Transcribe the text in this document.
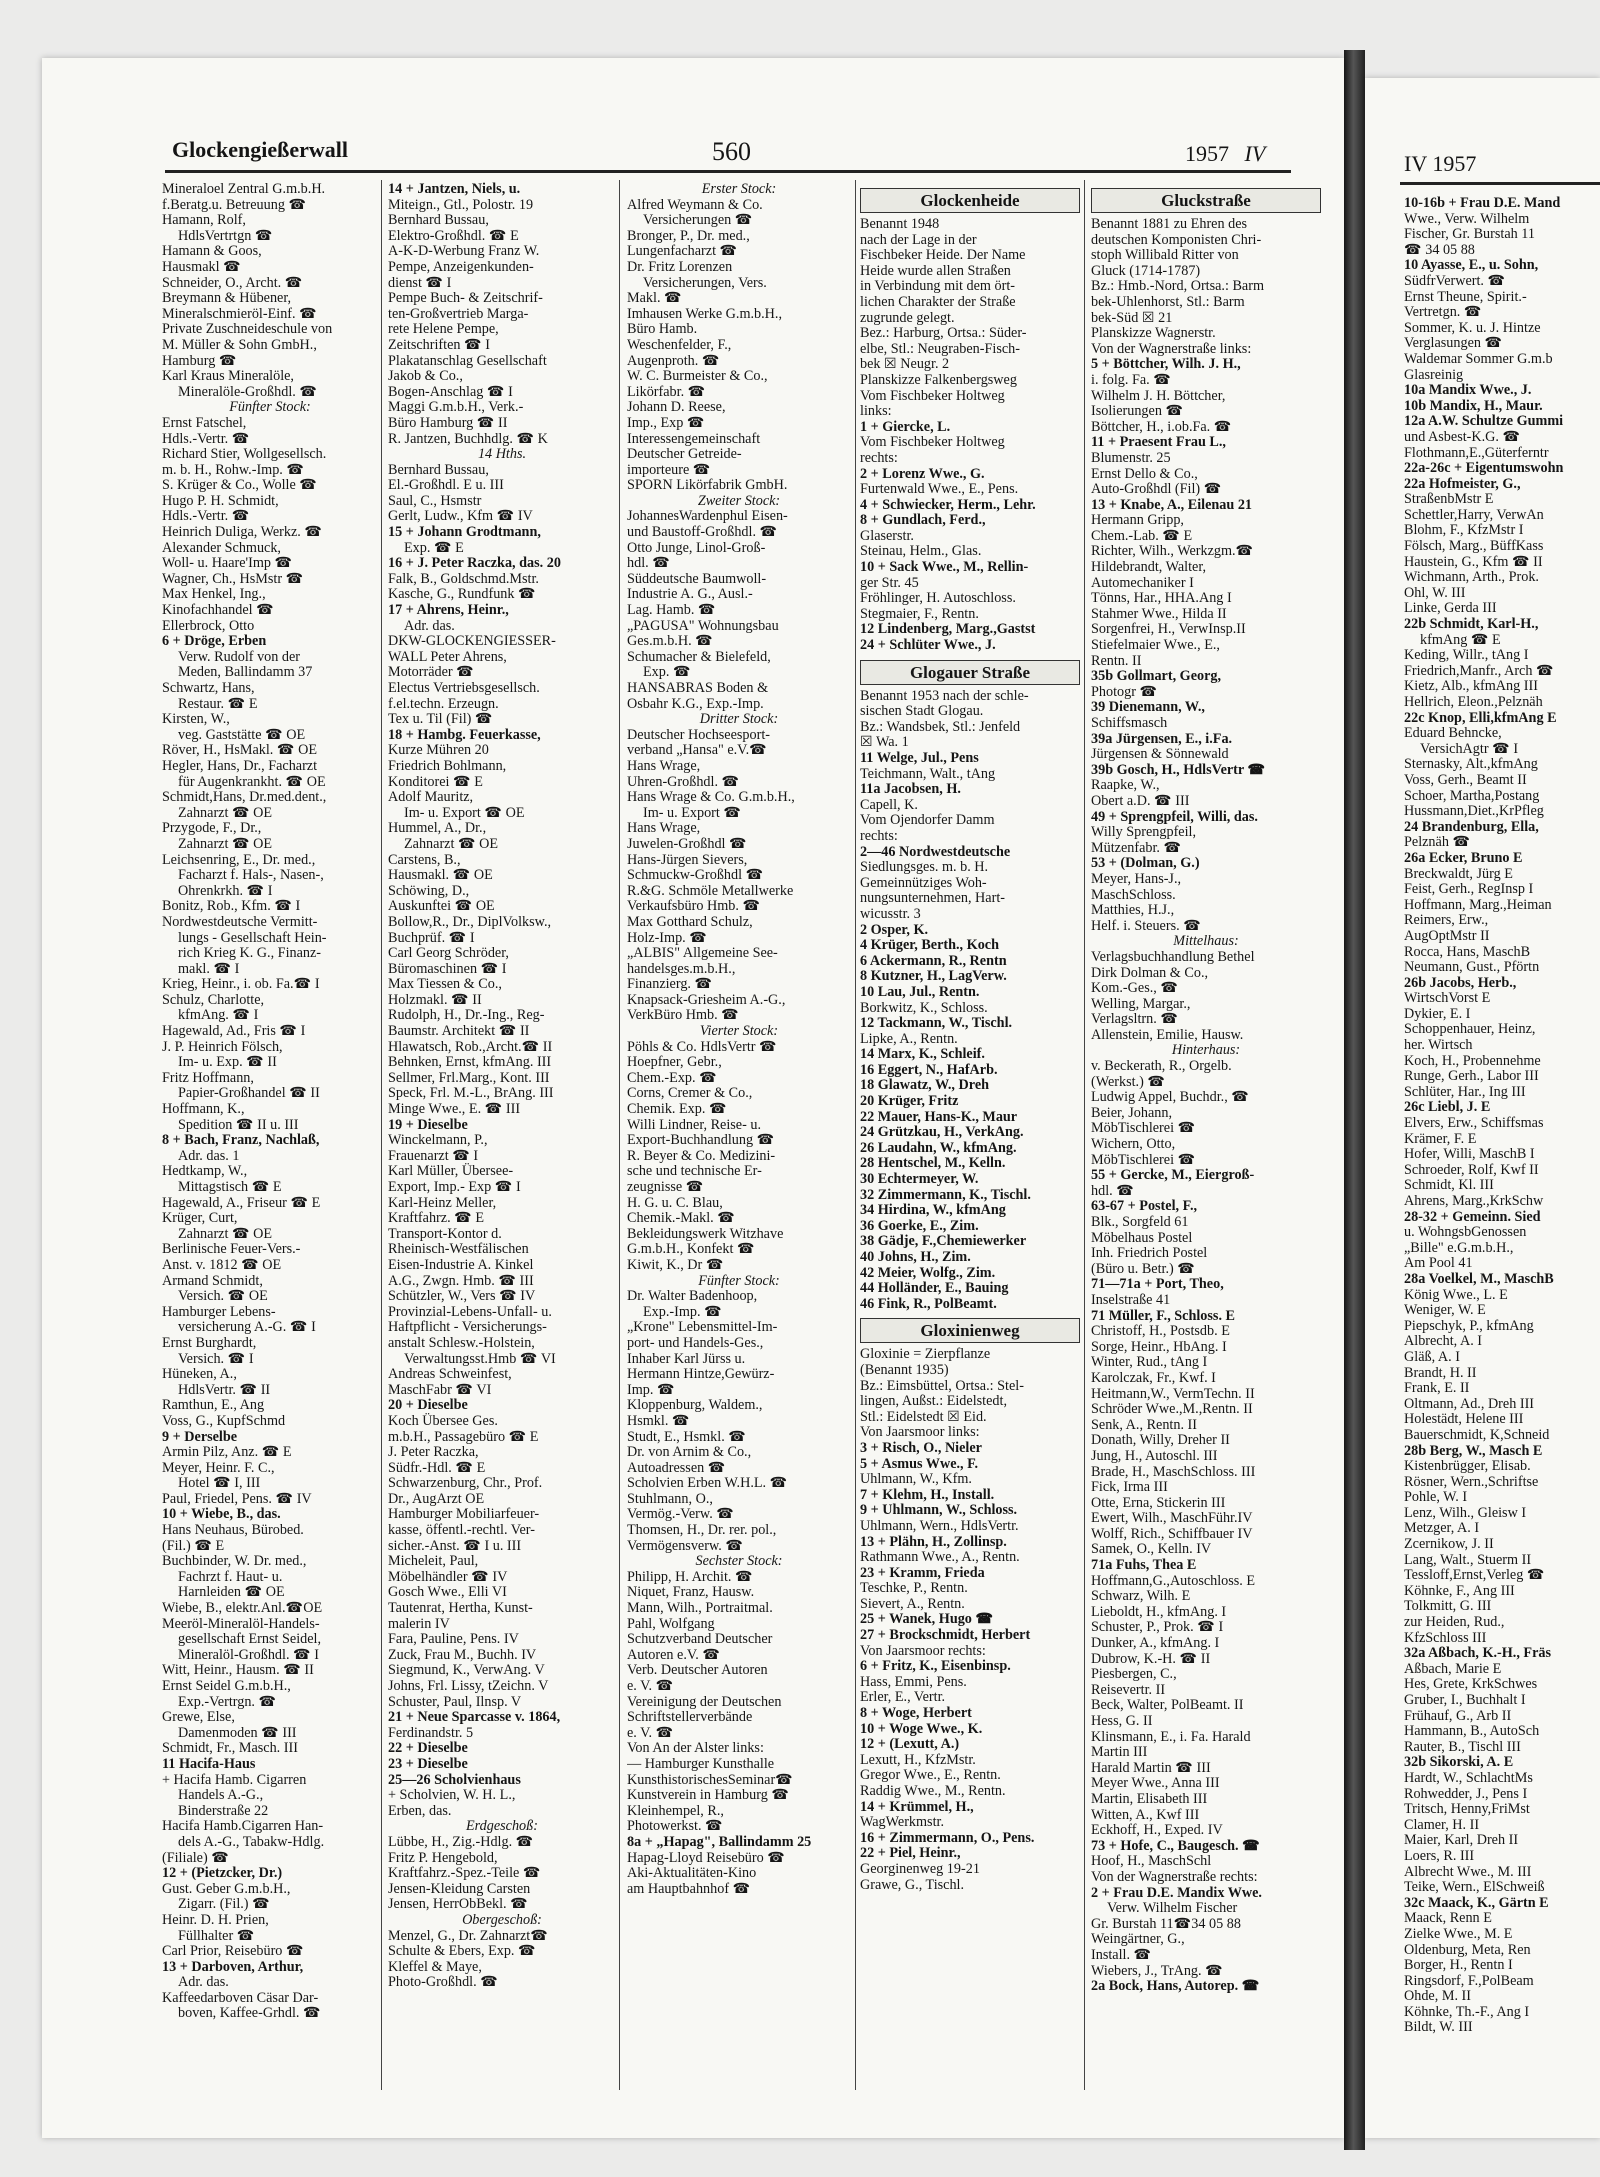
Glockengießerwall	560	1957 IV	IV 1957
Mineraloel Zentral G.m.b.H.
f.Beratg.u. Betreuung ☎
Hamann, Rolf,
HdlsVertrtgn ☎
Hamann & Goos,
Hausmakl ☎
Schneider, O., Archt. ☎
Breymann & Hübener,
Mineralschmieröl-Einf. ☎
Private Zuschneideschule von
M. Müller & Sohn GmbH.,
Hamburg ☎
Karl Kraus Mineralöle,
Mineralöle-Großhdl. ☎
Fünfter Stock:
Ernst Fatschel,
Hdls.-Vertr. ☎
Richard Stier, Wollgesellsch.
m. b. H., Rohw.-Imp. ☎
S. Krüger & Co., Wolle ☎
Hugo P. H. Schmidt,
Hdls.-Vertr. ☎
Heinrich Duliga, Werkz. ☎
Alexander Schmuck,
Woll- u. Haare'Imp ☎
Wagner, Ch., HsMstr ☎
Max Henkel, Ing.,
Kinofachhandel ☎
Ellerbrock, Otto
6 + Dröge, Erben
Verw. Rudolf von der
Meden, Ballindamm 37
Schwartz, Hans,
Restaur. ☎ E
Kirsten, W.,
veg. Gaststätte ☎ OE
Röver, H., HsMakl. ☎ OE
Hegler, Hans, Dr., Facharzt
für Augenkrankht. ☎ OE
Schmidt,Hans, Dr.med.dent.,
Zahnarzt ☎ OE
Przygode, F., Dr.,
Zahnarzt ☎ OE
Leichsenring, E., Dr. med.,
Facharzt f. Hals-, Nasen-,
Ohrenkrkh. ☎ I
Bonitz, Rob., Kfm. ☎ I
Nordwestdeutsche Vermitt-
lungs - Gesellschaft Hein-
rich Krieg K. G., Finanz-
makl. ☎ I
Krieg, Heinr., i. ob. Fa.☎ I
Schulz, Charlotte,
kfmAng. ☎ I
Hagewald, Ad., Fris ☎ I
J. P. Heinrich Fölsch,
Im- u. Exp. ☎ II
Fritz Hoffmann,
Papier-Großhandel ☎ II
Hoffmann, K.,
Spedition ☎ II u. III
8 + Bach, Franz, Nachlaß,
Adr. das. 1
Hedtkamp, W.,
Mittagstisch ☎ E
Hagewald, A., Friseur ☎ E
Krüger, Curt,
Zahnarzt ☎ OE
Berlinische Feuer-Vers.-
Anst. v. 1812 ☎ OE
Armand Schmidt,
Versich. ☎ OE
Hamburger Lebens-
versicherung A.-G. ☎ I
Ernst Burghardt,
Versich. ☎ I
Hüneken, A.,
HdlsVertr. ☎ II
Ramthun, E., Ang
Voss, G., KupfSchmd
9 + Derselbe
Armin Pilz, Anz. ☎ E
Meyer, Heinr. F. C.,
Hotel ☎ I, III
Paul, Friedel, Pens. ☎ IV
10 + Wiebe, B., das.
Hans Neuhaus, Bürobed.
(Fil.) ☎ E
Buchbinder, W. Dr. med.,
Fachrzt f. Haut- u.
Harnleiden ☎ OE
Wiebe, B., elektr.Anl.☎OE
Meeröl-Mineralöl-Handels-
gesellschaft Ernst Seidel,
Mineralöl-Großhdl. ☎ I
Witt, Heinr., Hausm. ☎ II
Ernst Seidel G.m.b.H.,
Exp.-Vertrgn. ☎
Grewe, Else,
Damenmoden ☎ III
Schmidt, Fr., Masch. III
11 Hacifa-Haus
+ Hacifa Hamb. Cigarren
Handels A.-G.,
Binderstraße 22
Hacifa Hamb.Cigarren Han-
dels A.-G., Tabakw-Hdlg.
(Filiale) ☎
12 + (Pietzcker, Dr.)
Gust. Geber G.m.b.H.,
Zigarr. (Fil.) ☎
Heinr. D. H. Prien,
Füllhalter ☎
Carl Prior, Reisebüro ☎
13 + Darboven, Arthur,
Adr. das.
Kaffeedarboven Cäsar Dar-
boven, Kaffee-Grhdl. ☎
14 + Jantzen, Niels, u.
Miteign., Gtl., Polostr. 19
Bernhard Bussau,
Elektro-Großhdl. ☎ E
A-K-D-Werbung Franz W.
Pempe, Anzeigenkunden-
dienst ☎ I
Pempe Buch- & Zeitschrif-
ten-Großvertrieb Marga-
rete Helene Pempe,
Zeitschriften ☎ I
Plakatanschlag Gesellschaft
Jakob & Co.,
Bogen-Anschlag ☎ I
Maggi G.m.b.H., Verk.-
Büro Hamburg ☎ II
R. Jantzen, Buchhdlg. ☎ K
14 Hths.
Bernhard Bussau,
El.-Großhdl. E u. III
Saul, C., Hsmstr
Gerlt, Ludw., Kfm ☎ IV
15 + Johann Grodtmann,
Exp. ☎ E
16 + J. Peter Raczka, das. 20
Falk, B., Goldschmd.Mstr.
Kasche, G., Rundfunk ☎
17 + Ahrens, Heinr.,
Adr. das.
DKW-GLOCKENGIESSER-
WALL Peter Ahrens,
Motorräder ☎
Electus Vertriebsgesellsch.
f.el.techn. Erzeugn.
Tex u. Til (Fil) ☎
18 + Hambg. Feuerkasse,
Kurze Mühren 20
Friedrich Bohlmann,
Konditorei ☎ E
Adolf Mauritz,
Im- u. Export ☎ OE
Hummel, A., Dr.,
Zahnarzt ☎ OE
Carstens, B.,
Hausmakl. ☎ OE
Schöwing, D.,
Auskunftei ☎ OE
Bollow,R., Dr., DiplVolksw.,
Buchprüf. ☎ I
Carl Georg Schröder,
Büromaschinen ☎ I
Max Tiessen & Co.,
Holzmakl. ☎ II
Rudolph, H., Dr.-Ing., Reg-
Baumstr. Architekt ☎ II
Hlawatsch, Rob.,Archt.☎ II
Behnken, Ernst, kfmAng. III
Sellmer, Frl.Marg., Kont. III
Speck, Frl. M.-L., BrAng. III
Minge Wwe., E. ☎ III
19 + Dieselbe
Winckelmann, P.,
Frauenarzt ☎ I
Karl Müller, Übersee-
Export, Imp.- Exp ☎ I
Karl-Heinz Meller,
Kraftfahrz. ☎ E
Transport-Kontor d.
Rheinisch-Westfälischen
Eisen-Industrie A. Kinkel
A.G., Zwgn. Hmb. ☎ III
Schützler, W., Vers ☎ IV
Provinzial-Lebens-Unfall- u.
Haftpflicht - Versicherungs-
anstalt Schlesw.-Holstein,
Verwaltungsst.Hmb ☎ VI
Andreas Schweinfest,
MaschFabr ☎ VI
20 + Dieselbe
Koch Übersee Ges.
m.b.H., Passagebüro ☎ E
J. Peter Raczka,
Südfr.-Hdl. ☎ E
Schwarzenburg, Chr., Prof.
Dr., AugArzt OE
Hamburger Mobiliarfeuer-
kasse, öffentl.-rechtl. Ver-
sicher.-Anst. ☎ I u. III
Micheleit, Paul,
Möbelhändler ☎ IV
Gosch Wwe., Elli VI
Tautenrat, Hertha, Kunst-
malerin IV
Fara, Pauline, Pens. IV
Zuck, Frau M., Buchh. IV
Siegmund, K., VerwAng. V
Johns, Frl. Lissy, tZeichn. V
Schuster, Paul, Ilnsp. V
21 + Neue Sparcasse v. 1864,
Ferdinandstr. 5
22 + Dieselbe
23 + Dieselbe
25—26 Scholvienhaus
+ Scholvien, W. H. L.,
Erben, das.
Erdgeschoß:
Lübbe, H., Zig.-Hdlg. ☎
Fritz P. Hengebold,
Kraftfahrz.-Spez.-Teile ☎
Jensen-Kleidung Carsten
Jensen, HerrObBekl. ☎
Obergeschoß:
Menzel, G., Dr. Zahnarzt☎
Schulte & Ebers, Exp. ☎
Kleffel & Maye,
Photo-Großhdl. ☎
Erster Stock:
Alfred Weymann & Co.
Versicherungen ☎
Bronger, P., Dr. med.,
Lungenfacharzt ☎
Dr. Fritz Lorenzen
Versicherungen, Vers.
Makl. ☎
Imhausen Werke G.m.b.H.,
Büro Hamb.
Weschenfelder, F.,
Augenproth. ☎
W. C. Burmeister & Co.,
Likörfabr. ☎
Johann D. Reese,
Imp., Exp ☎
Interessengemeinschaft
Deutscher Getreide-
importeure ☎
SPORN Likörfabrik GmbH.
Zweiter Stock:
JohannesWardenphul Eisen-
und Baustoff-Großhdl. ☎
Otto Junge, Linol-Groß-
hdl. ☎
Süddeutsche Baumwoll-
Industrie A. G., Ausl.-
Lag. Hamb. ☎
„PAGUSA" Wohnungsbau
Ges.m.b.H. ☎
Schumacher & Bielefeld,
Exp. ☎
HANSABRAS Boden &
Osbahr K.G., Exp.-Imp.
Dritter Stock:
Deutscher Hochseesport-
verband „Hansa" e.V.☎
Hans Wrage,
Uhren-Großhdl. ☎
Hans Wrage & Co. G.m.b.H.,
Im- u. Export ☎
Hans Wrage,
Juwelen-Großhdl ☎
Hans-Jürgen Sievers,
Schmuckw-Großhdl ☎
R.&G. Schmöle Metallwerke
Verkaufsbüro Hmb. ☎
Max Gotthard Schulz,
Holz-Imp. ☎
„ALBIS" Allgemeine See-
handelsges.m.b.H.,
Finanzierg. ☎
Knapsack-Griesheim A.-G.,
VerkBüro Hmb. ☎
Vierter Stock:
Pöhls & Co. HdlsVertr ☎
Hoepfner, Gebr.,
Chem.-Exp. ☎
Corns, Cremer & Co.,
Chemik. Exp. ☎
Willi Lindner, Reise- u.
Export-Buchhandlung ☎
R. Beyer & Co. Medizini-
sche und technische Er-
zeugnisse ☎
H. G. u. C. Blau,
Chemik.-Makl. ☎
Bekleidungswerk Witzhave
G.m.b.H., Konfekt ☎
Kiwit, K., Dr ☎
Fünfter Stock:
Dr. Walter Badenhoop,
Exp.-Imp. ☎
„Krone" Lebensmittel-Im-
port- und Handels-Ges.,
Inhaber Karl Jürss u.
Hermann Hintze,Gewürz-
Imp. ☎
Kloppenburg, Waldem.,
Hsmkl. ☎
Studt, E., Hsmkl. ☎
Dr. von Arnim & Co.,
Autoadressen ☎
Scholvien Erben W.H.L. ☎
Stuhlmann, O.,
Vermög.-Verw. ☎
Thomsen, H., Dr. rer. pol.,
Vermögensverw. ☎
Sechster Stock:
Philipp, H. Archit. ☎
Niquet, Franz, Hausw.
Mann, Wilh., Portraitmal.
Pahl, Wolfgang
Schutzverband Deutscher
Autoren e.V. ☎
Verb. Deutscher Autoren
e. V. ☎
Vereinigung der Deutschen
Schriftstellerverbände
e. V. ☎
Von An der Alster links:
— Hamburger Kunsthalle
KunsthistorischesSeminar☎
Kunstverein in Hamburg ☎
Kleinhempel, R.,
Photowerkst. ☎
8a + „Hapag", Ballindamm 25
Hapag-Lloyd Reisebüro ☎
Aki-Aktualitäten-Kino
am Hauptbahnhof ☎
Glockenheide
Benannt 1948
nach der Lage in der
Fischbeker Heide. Der Name
Heide wurde allen Straßen
in Verbindung mit dem ört-
lichen Charakter der Straße
zugrunde gelegt.
Bez.: Harburg, Ortsa.: Süder-
elbe, Stl.: Neugraben-Fisch-
bek ☒ Neugr. 2
Planskizze Falkenbergsweg
Vom Fischbeker Holtweg
links:
1 + Giercke, L.
Vom Fischbeker Holtweg
rechts:
2 + Lorenz Wwe., G.
Furtenwald Wwe., E., Pens.
4 + Schwiecker, Herm., Lehr.
8 + Gundlach, Ferd.,
Glaserstr.
Steinau, Helm., Glas.
10 + Sack Wwe., M., Rellin-
ger Str. 45
Fröhlinger, H. Autoschloss.
Stegmaier, F., Rentn.
12 Lindenberg, Marg.,Gastst
24 + Schlüter Wwe., J.
Glogauer Straße
Benannt 1953 nach der schle-
sischen Stadt Glogau.
Bz.: Wandsbek, Stl.: Jenfeld
☒ Wa. 1
11 Welge, Jul., Pens
Teichmann, Walt., tAng
11a Jacobsen, H.
Capell, K.
Vom Ojendorfer Damm
rechts:
2—46 Nordwestdeutsche
Siedlungsges. m. b. H.
Gemeinnütziges Woh-
nungsunternehmen, Hart-
wicusstr. 3
2 Osper, K.
4 Krüger, Berth., Koch
6 Ackermann, R., Rentn
8 Kutzner, H., LagVerw.
10 Lau, Jul., Rentn.
Borkwitz, K., Schloss.
12 Tackmann, W., Tischl.
Lipke, A., Rentn.
14 Marx, K., Schleif.
16 Eggert, N., HafArb.
18 Glawatz, W., Dreh
20 Krüger, Fritz
22 Mauer, Hans-K., Maur
24 Grützkau, H., VerkAng.
26 Laudahn, W., kfmAng.
28 Hentschel, M., Kelln.
30 Echtermeyer, W.
32 Zimmermann, K., Tischl.
34 Hirdina, W., kfmAng
36 Goerke, E., Zim.
38 Gädje, F.,Chemiewerker
40 Johns, H., Zim.
42 Meier, Wolfg., Zim.
44 Holländer, E., Bauing
46 Fink, R., PolBeamt.
Gloxinienweg
Gloxinie = Zierpflanze
(Benannt 1935)
Bz.: Eimsbüttel, Ortsa.: Stel-
lingen, Außst.: Eidelstedt,
Stl.: Eidelstedt ☒ Eid.
Von Jaarsmoor links:
3 + Risch, O., Nieler
5 + Asmus Wwe., F.
Uhlmann, W., Kfm.
7 + Klehm, H., Install.
9 + Uhlmann, W., Schloss.
Uhlmann, Wern., HdlsVertr.
13 + Plähn, H., Zollinsp.
Rathmann Wwe., A., Rentn.
23 + Kramm, Frieda
Teschke, P., Rentn.
Sievert, A., Rentn.
25 + Wanek, Hugo ☎
27 + Brockschmidt, Herbert
Von Jaarsmoor rechts:
6 + Fritz, K., Eisenbinsp.
Hass, Emmi, Pens.
Erler, E., Vertr.
8 + Woge, Herbert
10 + Woge Wwe., K.
12 + (Lexutt, A.)
Lexutt, H., KfzMstr.
Gregor Wwe., E., Rentn.
Raddig Wwe., M., Rentn.
14 + Krümmel, H.,
WagWerkmstr.
16 + Zimmermann, O., Pens.
22 + Piel, Heinr.,
Georginenweg 19-21
Grawe, G., Tischl.
Gluckstraße
Benannt 1881 zu Ehren des
deutschen Komponisten Chri-
stoph Willibald Ritter von
Gluck (1714-1787)
Bz.: Hmb.-Nord, Ortsa.: Barm
bek-Uhlenhorst, Stl.: Barm
bek-Süd ☒ 21
Planskizze Wagnerstr.
Von der Wagnerstraße links:
5 + Böttcher, Wilh. J. H.,
i. folg. Fa. ☎
Wilhelm J. H. Böttcher,
Isolierungen ☎
Böttcher, H., i.ob.Fa. ☎
11 + Praesent Frau L.,
Blumenstr. 25
Ernst Dello & Co.,
Auto-Großhdl (Fil) ☎
13 + Knabe, A., Eilenau 21
Hermann Gripp,
Chem.-Lab. ☎ E
Richter, Wilh., Werkzgm.☎
Hildebrandt, Walter,
Automechaniker I
Tönns, Har., HHA.Ang I
Stahmer Wwe., Hilda II
Sorgenfrei, H., VerwInsp.II
Stiefelmaier Wwe., E.,
Rentn. II
35b Gollmart, Georg,
Photogr ☎
39 Dienemann, W.,
Schiffsmasch
39a Jürgensen, E., i.Fa.
Jürgensen & Sönnewald
39b Gosch, H., HdlsVertr ☎
Raapke, W.,
Obert a.D. ☎ III
49 + Sprengpfeil, Willi, das.
Willy Sprengpfeil,
Mützenfabr. ☎
53 + (Dolman, G.)
Meyer, Hans-J.,
MaschSchloss.
Matthies, H.J.,
Helf. i. Steuers. ☎
Mittelhaus:
Verlagsbuchhandlung Bethel
Dirk Dolman & Co.,
Kom.-Ges., ☎
Welling, Margar.,
Verlagsltrn. ☎
Allenstein, Emilie, Hausw.
Hinterhaus:
v. Beckerath, R., Orgelb.
(Werkst.) ☎
Ludwig Appel, Buchdr., ☎
Beier, Johann,
MöbTischlerei ☎
Wichern, Otto,
MöbTischlerei ☎
55 + Gercke, M., Eiergroß-
hdl. ☎
63-67 + Postel, F.,
Blk., Sorgfeld 61
Möbelhaus Postel
Inh. Friedrich Postel
(Büro u. Betr.) ☎
71—71a + Port, Theo,
Inselstraße 41
71 Müller, F., Schloss. E
Christoff, H., Postsdb. E
Sorge, Heinr., HbAng. I
Winter, Rud., tAng I
Karolczak, Fr., Kwf. I
Heitmann,W., VermTechn. II
Schröder Wwe.,M.,Rentn. II
Senk, A., Rentn. II
Donath, Willy, Dreher II
Jung, H., Autoschl. III
Brade, H., MaschSchloss. III
Fick, Irma III
Otte, Erna, Stickerin III
Ewert, Wilh., MaschFühr.IV
Wolff, Rich., Schiffbauer IV
Samek, O., Kelln. IV
71a Fuhs, Thea E
Hoffmann,G.,Autoschloss. E
Schwarz, Wilh. E
Lieboldt, H., kfmAng. I
Schuster, P., Prok. ☎ I
Dunker, A., kfmAng. I
Dubrow, K.-H. ☎ II
Piesbergen, C.,
Reisevertr. II
Beck, Walter, PolBeamt. II
Hess, G. II
Klinsmann, E., i. Fa. Harald
Martin III
Harald Martin ☎ III
Meyer Wwe., Anna III
Martin, Elisabeth III
Witten, A., Kwf III
Eckhoff, H., Exped. IV
73 + Hofe, C., Baugesch. ☎
Hoof, H., MaschSchl
Von der Wagnerstraße rechts:
2 + Frau D.E. Mandix Wwe.
Verw. Wilhelm Fischer
Gr. Burstah 11☎34 05 88
Weingärtner, G.,
Install. ☎
Wiebers, J., TrAng. ☎
2a Bock, Hans, Autorep. ☎
10-16b + Frau D.E. Mand
Wwe., Verw. Wilhelm
Fischer, Gr. Burstah 11
☎ 34 05 88
10 Ayasse, E., u. Sohn,
SüdfrVerwert. ☎
Ernst Theune, Spirit.-
Vertretgn. ☎
Sommer, K. u. J. Hintze
Verglasungen ☎
Waldemar Sommer G.m.b
Glasreinig
10a Mandix Wwe., J.
10b Mandix, H., Maur.
12a A.W. Schultze Gummi
und Asbest-K.G. ☎
Flothmann,E.,Güterferntr
22a-26c + Eigentumswohn
22a Hofmeister, G.,
StraßenbMstr E
Schettler,Harry, VerwAn
Blohm, F., KfzMstr I
Fölsch, Marg., BüffKass
Haustein, G., Kfm ☎ II
Wichmann, Arth., Prok.
Ohl, W. III
Linke, Gerda III
22b Schmidt, Karl-H.,
kfmAng ☎ E
Keding, Willr., tAng I
Friedrich,Manfr., Arch ☎
Kietz, Alb., kfmAng III
Hellrich, Eleon.,Pelznäh
22c Knop, Elli,kfmAng E
Eduard Behncke,
VersichAgtr ☎ I
Sternasky, Alt.,kfmAng
Voss, Gerh., Beamt II
Schoer, Martha,Postang
Hussmann,Diet.,KrPfleg
24 Brandenburg, Ella,
Pelznäh ☎
26a Ecker, Bruno E
Breckwaldt, Jürg E
Feist, Gerh., RegInsp I
Hoffmann, Marg.,Heiman
Reimers, Erw.,
AugOptMstr II
Rocca, Hans, MaschB
Neumann, Gust., Pförtn
26b Jacobs, Herb.,
WirtschVorst E
Dykier, E. I
Schoppenhauer, Heinz,
her. Wirtsch
Koch, H., Probennehme
Runge, Gerh., Labor III
Schlüter, Har., Ing III
26c Liebl, J. E
Elvers, Erw., Schiffsmas
Krämer, F. E
Hofer, Willi, MaschB I
Schroeder, Rolf, Kwf II
Schmidt, Kl. III
Ahrens, Marg.,KrkSchw
28-32 + Gemeinn. Sied
u. WohngsbGenossen
„Bille" e.G.m.b.H.,
Am Pool 41
28a Voelkel, M., MaschB
König Wwe., L. E
Weniger, W. E
Piepschyk, P., kfmAng
Albrecht, A. I
Gläß, A. I
Brandt, H. II
Frank, E. II
Oltmann, Ad., Dreh III
Holestädt, Helene III
Bauerschmidt, K,Schneid
28b Berg, W., Masch E
Kistenbrügger, Elisab.
Rösner, Wern.,Schriftse
Pohle, W. I
Lenz, Wilh., Gleisw I
Metzger, A. I
Zcernikow, J. II
Lang, Walt., Stuerm II
Tessloff,Ernst,Verleg ☎
Köhnke, F., Ang III
Tolkmitt, G. III
zur Heiden, Rud.,
KfzSchloss III
32a Aßbach, K.-H., Fräs
Aßbach, Marie E
Hes, Grete, KrkSchwes
Gruber, I., Buchhalt I
Frühauf, G., Arb II
Hammann, B., AutoSch
Rauter, B., Tischl III
32b Sikorski, A. E
Hardt, W., SchlachtMs
Rohwedder, J., Pens I
Tritsch, Henny,FriMst
Clamer, H. II
Maier, Karl, Dreh II
Loers, R. III
Albrecht Wwe., M. III
Teike, Wern., ElSchweiß
32c Maack, K., Gärtn E
Maack, Renn E
Zielke Wwe., M. E
Oldenburg, Meta, Ren
Borger, H., Rentn I
Ringsdorf, F.,PolBeam
Ohde, M. II
Köhnke, Th.-F., Ang I
Bildt, W. III
